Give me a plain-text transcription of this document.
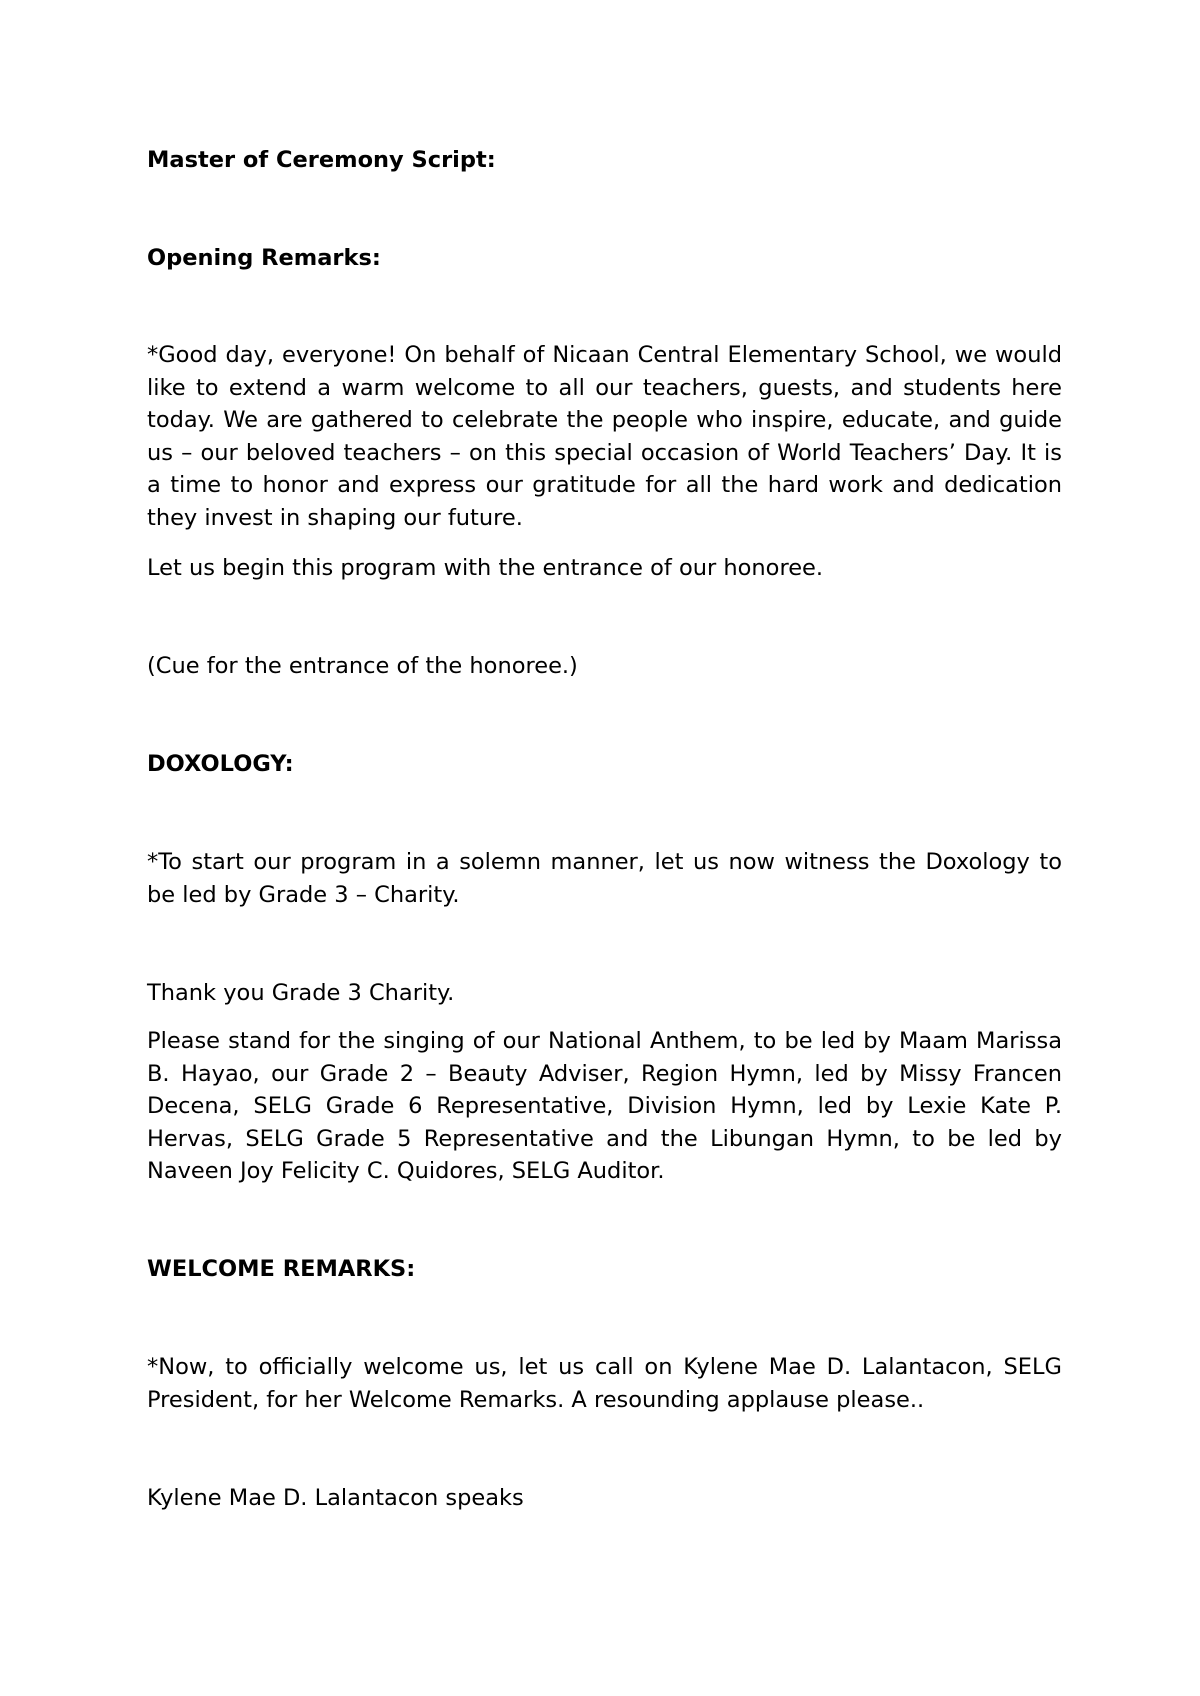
Master of Ceremony Script:

Opening Remarks:

*Good day, everyone! On behalf of Nicaan Central Elementary School, we would like to extend a warm welcome to all our teachers, guests, and students here today. We are gathered to celebrate the people who inspire, educate, and guide us – our beloved teachers – on this special occasion of World Teachers’ Day. It is a time to honor and express our gratitude for all the hard work and dedication they invest in shaping our future.

Let us begin this program with the entrance of our honoree.

(Cue for the entrance of the honoree.)

DOXOLOGY:

*To start our program in a solemn manner, let us now witness the Doxology to be led by Grade 3 – Charity.

Thank you Grade 3 Charity.

Please stand for the singing of our National Anthem, to be led by Maam Marissa B. Hayao, our Grade 2 – Beauty Adviser, Region Hymn, led by Missy Francen Decena, SELG Grade 6 Representative, Division Hymn, led by Lexie Kate P. Hervas, SELG Grade 5 Representative and the Libungan Hymn, to be led by Naveen Joy Felicity C. Quidores, SELG Auditor.

WELCOME REMARKS:

*Now, to officially welcome us, let us call on Kylene Mae D. Lalantacon, SELG President, for her Welcome Remarks. A resounding applause please..

Kylene Mae D. Lalantacon speaks
